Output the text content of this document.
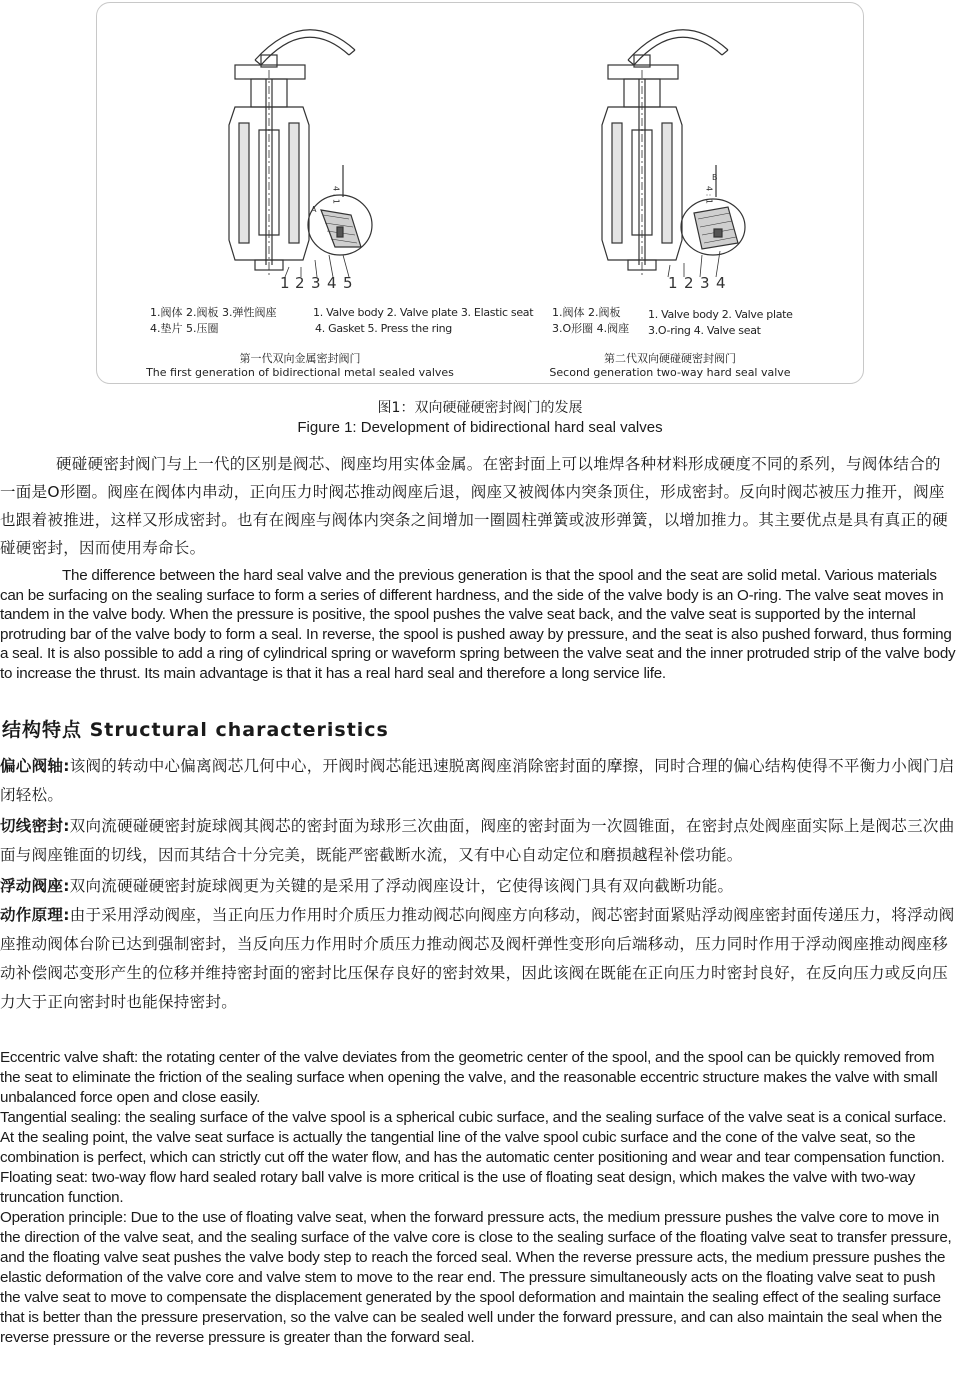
4 : 1
A
1 2 3 4 5
4 : 1
B
1 2 3 4
1.阀体 2.阀板 3.弹性阀座
4.垫片 5.压圈
1. Valve body 2. Valve plate 3. Elastic seat
4. Gasket 5. Press the ring
第一代双向金属密封阀门
The first generation of bidirectional metal sealed valves
1.阀体 2.阀板
3.O形圈 4.阀座
1. Valve body 2. Valve plate
3.O-ring 4. Valve seat
第二代双向硬碰硬密封阀门
Second generation two-way hard seal valve
图1：双向硬碰硬密封阀门的发展
Figure 1: Development of bidirectional hard seal valves
硬碰硬密封阀门与上一代的区别是阀芯、阀座均用实体金属。在密封面上可以堆焊各种材料形成硬度不同的系列，与阀体结合的一面是O形圈。阀座在阀体内串动，正向压力时阀芯推动阀座后退，阀座又被阀体内突条顶住，形成密封。反向时阀芯被压力推开，阀座也跟着被推进，这样又形成密封。也有在阀座与阀体内突条之间增加一圈圆柱弹簧或波形弹簧，以增加推力。其主要优点是具有真正的硬碰硬密封，因而使用寿命长。
The difference between the hard seal valve and the previous generation is that the spool and the seat are solid metal. Various materials can be surfacing on the sealing surface to form a series of different hardness, and the side of the valve body is an O-ring. The valve seat moves in tandem in the valve body. When the pressure is positive, the spool pushes the valve seat back, and the valve seat is supported by the internal protruding bar of the valve body to form a seal. In reverse, the spool is pushed away by pressure, and the seat is also pushed forward, thus forming a seal. It is also possible to add a ring of cylindrical spring or waveform spring between the valve seat and the inner protruded strip of the valve body to increase the thrust. Its main advantage is that it has a real hard seal and therefore a long service life.
结构特点 Structural characteristics
偏心阀轴:该阀的转动中心偏离阀芯几何中心，开阀时阀芯能迅速脱离阀座消除密封面的摩擦，同时合理的偏心结构使得不平衡力小阀门启闭轻松。
切线密封:双向流硬碰硬密封旋球阀其阀芯的密封面为球形三次曲面，阀座的密封面为一次圆锥面，在密封点处阀座面实际上是阀芯三次曲面与阀座锥面的切线，因而其结合十分完美，既能严密截断水流，又有中心自动定位和磨损越程补偿功能。
浮动阀座:双向流硬碰硬密封旋球阀更为关键的是采用了浮动阀座设计，它使得该阀门具有双向截断功能。
动作原理:由于采用浮动阀座，当正向压力作用时介质压力推动阀芯向阀座方向移动，阀芯密封面紧贴浮动阀座密封面传递压力，将浮动阀座推动阀体台阶已达到强制密封，当反向压力作用时介质压力推动阀芯及阀杆弹性变形向后端移动，压力同时作用于浮动阀座推动阀座移动补偿阀芯变形产生的位移并维持密封面的密封比压保存良好的密封效果，因此该阀在既能在正向压力时密封良好，在反向压力或反向压力大于正向密封时也能保持密封。
Eccentric valve shaft: the rotating center of the valve deviates from the geometric center of the spool, and the spool can be quickly removed from the seat to eliminate the friction of the sealing surface when opening the valve, and the reasonable eccentric structure makes the valve with small unbalanced force open and close easily.
Tangential sealing: the sealing surface of the valve spool is a spherical cubic surface, and the sealing surface of the valve seat is a conical surface. At the sealing point, the valve seat surface is actually the tangential line of the valve spool cubic surface and the cone of the valve seat, so the combination is perfect, which can strictly cut off the water flow, and has the automatic center positioning and wear and tear compensation function.
Floating seat: two-way flow hard sealed rotary ball valve is more critical is the use of floating seat design, which makes the valve with two-way truncation function.
Operation principle: Due to the use of floating valve seat, when the forward pressure acts, the medium pressure pushes the valve core to move in the direction of the valve seat, and the sealing surface of the valve core is close to the sealing surface of the floating valve seat to transfer pressure, and the floating valve seat pushes the valve body step to reach the forced seal. When the reverse pressure acts, the medium pressure pushes the elastic deformation of the valve core and valve stem to move to the rear end. The pressure simultaneously acts on the floating valve seat to push the valve seat to move to compensate the displacement generated by the spool deformation and maintain the sealing effect of the sealing surface that is better than the pressure preservation, so the valve can be sealed well under the forward pressure, and can also maintain the seal when the reverse pressure or the reverse pressure is greater than the forward seal.
